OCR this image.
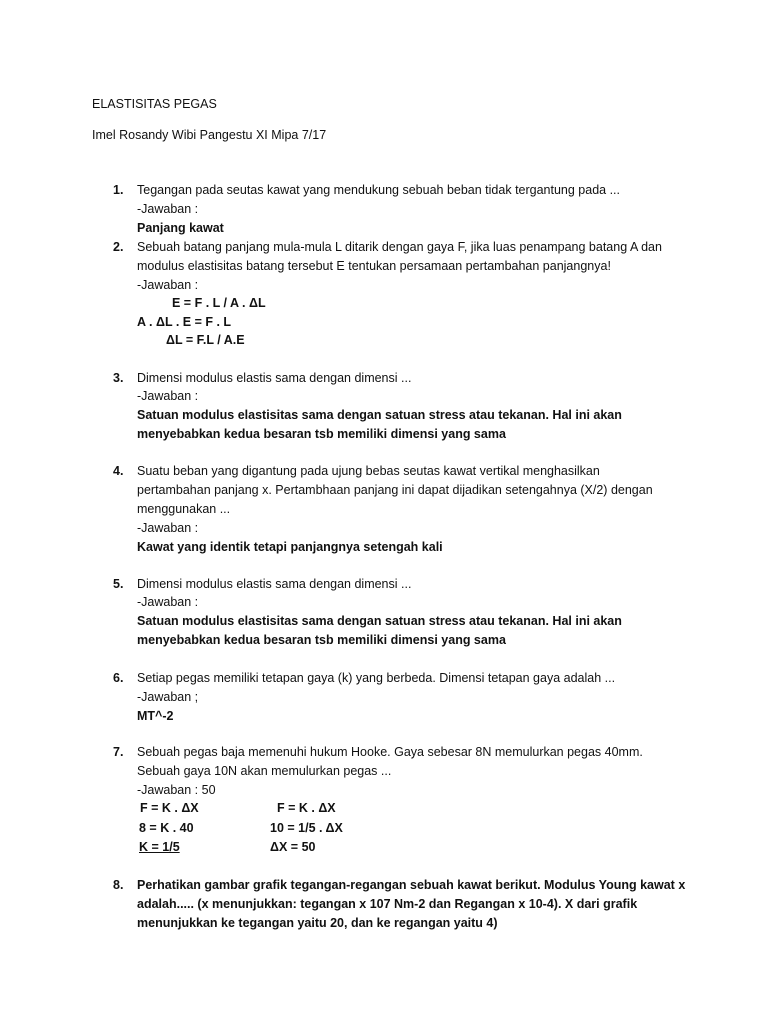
ELASTISITAS PEGAS
Imel Rosandy Wibi Pangestu XI Mipa 7/17
1.	Tegangan pada seutas kawat yang mendukung sebuah beban tidak tergantung pada ...
-Jawaban :
Panjang kawat
2.	Sebuah batang panjang mula-mula L ditarik dengan gaya F, jika luas penampang batang A dan
modulus elastisitas batang tersebut E tentukan persamaan pertambahan panjangnya!
-Jawaban :
E = F . L / A . ΔL
A . ΔL . E = F . L
ΔL = F.L / A.E
3.	Dimensi modulus elastis sama dengan dimensi ...
-Jawaban :
Satuan modulus elastisitas sama dengan satuan stress atau tekanan. Hal ini akan
menyebabkan kedua besaran tsb memiliki dimensi yang sama
4.	Suatu beban yang digantung pada ujung bebas seutas kawat vertikal menghasilkan
pertambahan panjang x. Pertambhaan panjang ini dapat dijadikan setengahnya (X/2) dengan
menggunakan ...
-Jawaban :
Kawat yang identik tetapi panjangnya setengah kali
5.	Dimensi modulus elastis sama dengan dimensi ...
-Jawaban :
Satuan modulus elastisitas sama dengan satuan stress atau tekanan. Hal ini akan
menyebabkan kedua besaran tsb memiliki dimensi yang sama
6.	Setiap pegas memiliki tetapan gaya (k) yang berbeda. Dimensi tetapan gaya adalah ...
-Jawaban ;
MT^-2
7.	Sebuah pegas baja memenuhi hukum Hooke. Gaya sebesar 8N memulurkan pegas 40mm.
Sebuah gaya 10N akan memulurkan pegas ...
-Jawaban : 50
F = K . ΔX	F = K . ΔX
8 = K . 40	10 = 1/5 . ΔX
K = 1/5	ΔX = 50
8.	Perhatikan gambar grafik tegangan-regangan sebuah kawat berikut. Modulus Young kawat x
adalah..... (x menunjukkan: tegangan x 107 Nm-2 dan Regangan x 10-4). X dari grafik
menunjukkan ke tegangan yaitu 20, dan ke regangan yaitu 4)
